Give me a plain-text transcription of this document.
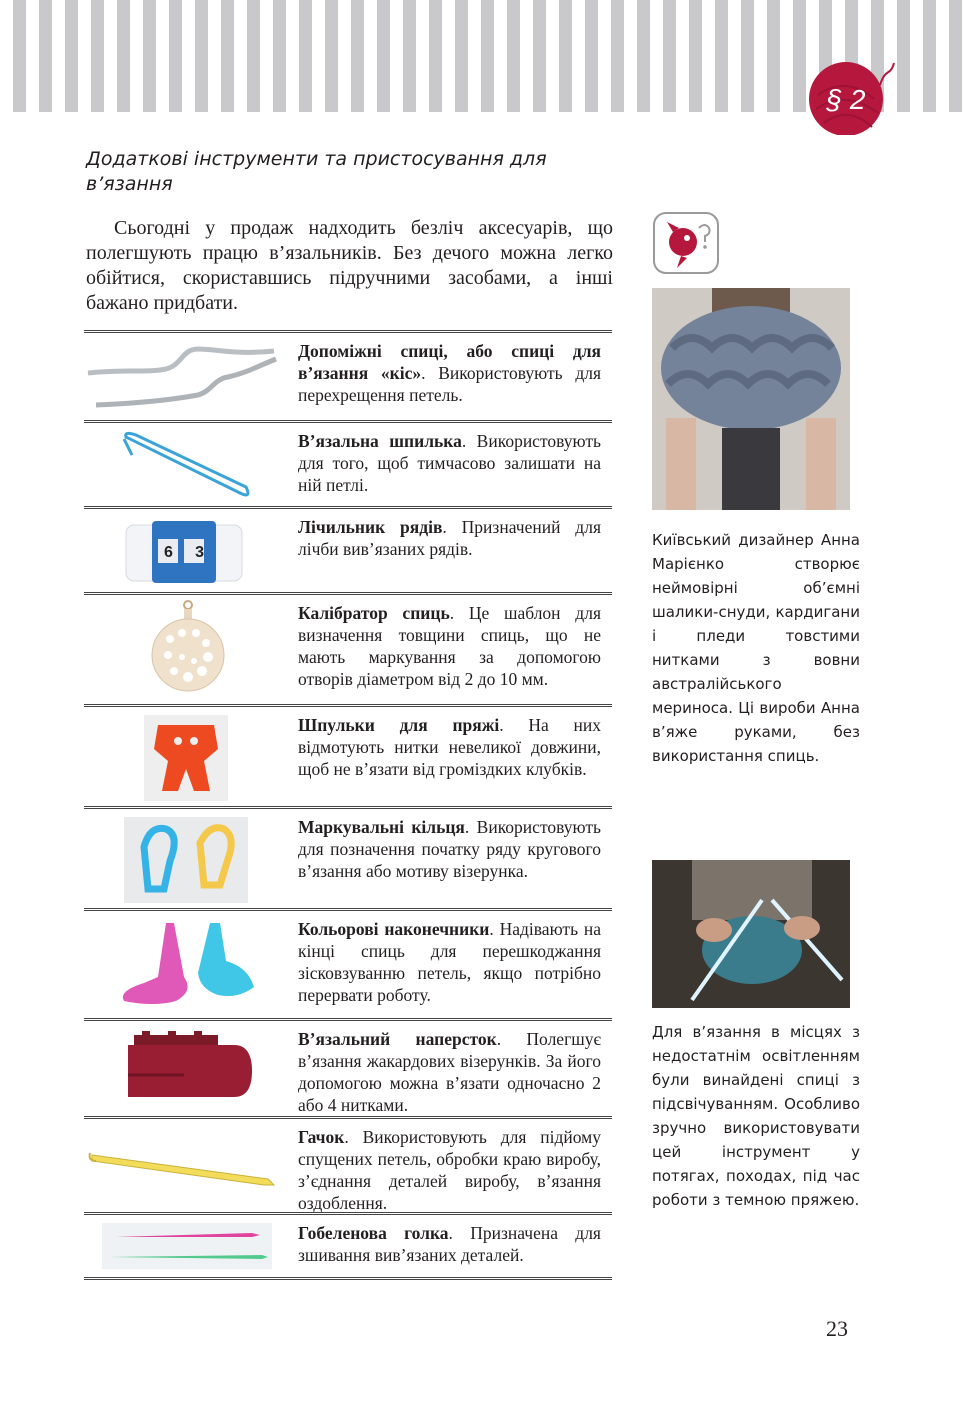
§ 2
Додаткові інструменти та пристосування для в’язання

Сьогодні у продаж надходить безліч аксесуарів, що полегшують працю в’язальників. Без дечого можна легко обійтися, скориставшись підручними засобами, а інші бажано придбати.

Допоміжні спиці, або спиці для в’язання «кіс». Використовують для перехрещення петель.

В’язальна шпилька. Використовують для того, щоб тимчасово залишати на ній петлі.

6 3

Лічильник рядів. Призначений для лічби вив’язаних рядів.

Калібратор спиць. Це шаблон для визначення товщини спиць, що не мають маркування за допомогою отворів діаметром від 2 до 10 мм.

Шпульки для пряжі. На них відмотують нитки невеликої довжини, щоб не в’язати від громіздких клубків.

Маркувальні кільця. Використовують для позначення початку ряду кругового в’язання або мотиву візерунка.

Кольорові наконечники. Надівають на кінці спиць для перешкоджання зісковзуванню петель, якщо потрібно перервати роботу.

В’язальний наперсток. Полегшує в’язання жакардових візерунків. За його допомогою можна в’язати одночасно 2 або 4 нитками.

Гачок. Використовують для підйому спущених петель, обробки краю виробу, з’єднання деталей виробу, в’язання оздоблення.

Гобеленова голка. Призначена для зшивання вив’язаних деталей.

Київський дизайнер Анна Марієнко створює неймовірні об’ємні шалики-снуди, кардигани і пледи товстими нитками з вовни австралійського мериноса. Ці вироби Анна в’яже руками, без використання спиць.

Для в’язання в місцях з недостатнім освітленням були винайдені спиці з підсвічуванням. Особливо зручно використовувати цей інструмент у потягах, походах, під час роботи з темною пряжею.

23
